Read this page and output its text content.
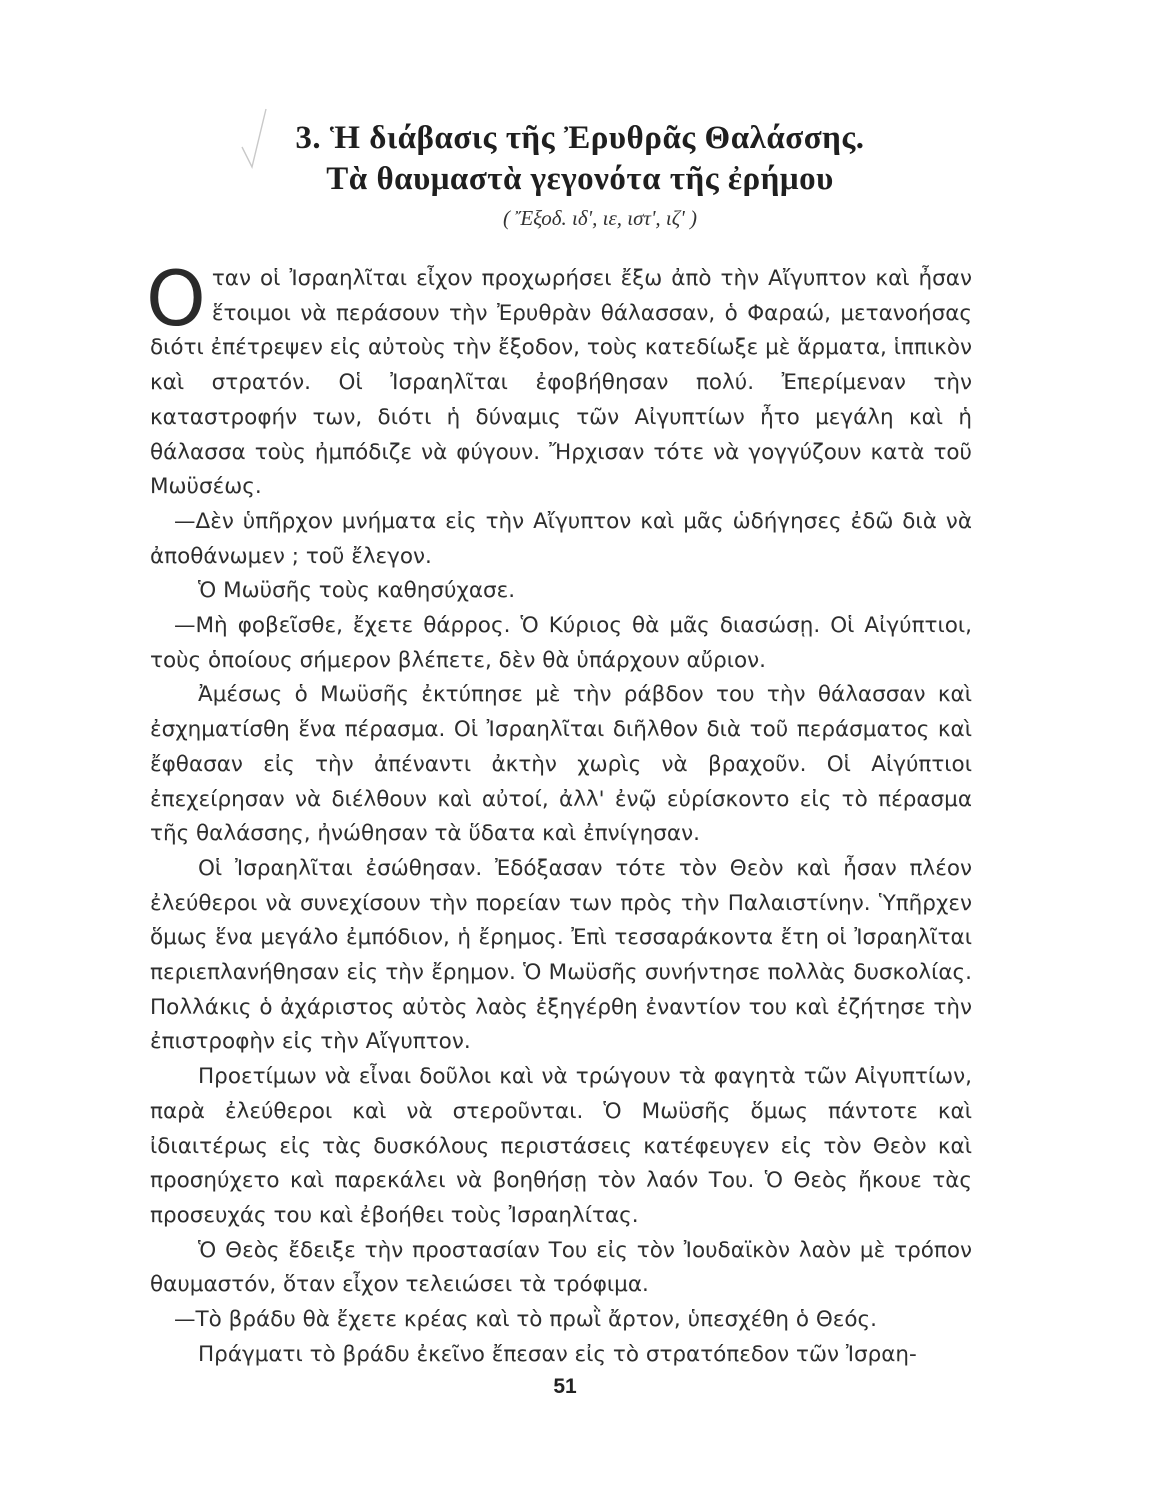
3. Ἡ διάβασις τῆς Ἐρυθρᾶς Θαλάσσης.
Τὰ θαυμαστὰ γεγονότα τῆς ἐρήμου
( Ἔξοδ. ιδ', ιε, ιστ', ιζ' )

Οταν οἱ Ἰσραηλῖται εἶχον προχωρήσει ἔξω ἀπὸ τὴν Αἴγυπτον καὶ ἦσαν ἕτοιμοι νὰ περάσουν τὴν Ἐρυθρὰν θάλασσαν, ὁ Φαραώ, μετανοήσας διότι ἐπέτρεψεν εἰς αὐτοὺς τὴν ἔξοδον, τοὺς κατεδίωξε μὲ ἅρματα, ἱππικὸν καὶ στρατόν. Οἱ Ἰσραηλῖται ἐφοβήθησαν πολύ. Ἐπερίμεναν τὴν καταστροφήν των, διότι ἡ δύναμις τῶν Αἰγυπτίων ἦτο μεγάλη καὶ ἡ θάλασσα τοὺς ἠμπόδιζε νὰ φύγουν. Ἤρχισαν τότε νὰ γογγύζουν κατὰ τοῦ Μωϋσέως.

—Δὲν ὑπῆρχον μνήματα εἰς τὴν Αἴγυπτον καὶ μᾶς ὡδήγησες ἐδῶ διὰ νὰ ἀποθάνωμεν ; τοῦ ἔλεγον.

Ὁ Μωϋσῆς τοὺς καθησύχασε.

—Μὴ φοβεῖσθε, ἔχετε θάρρος. Ὁ Κύριος θὰ μᾶς διασώσῃ. Οἱ Αἰγύπτιοι, τοὺς ὁποίους σήμερον βλέπετε, δὲν θὰ ὑπάρχουν αὔριον.

Ἀμέσως ὁ Μωϋσῆς ἐκτύπησε μὲ τὴν ράβδον του τὴν θάλασσαν καὶ ἐσχηματίσθη ἕνα πέρασμα. Οἱ Ἰσραηλῖται διῆλθον διὰ τοῦ περάσματος καὶ ἔφθασαν εἰς τὴν ἀπέναντι ἀκτὴν χωρὶς νὰ βραχοῦν. Οἱ Αἰγύπτιοι ἐπεχείρησαν νὰ διέλθουν καὶ αὐτοί, ἀλλ' ἐνῷ εὑρίσκοντο εἰς τὸ πέρασμα τῆς θαλάσσης, ἠνώθησαν τὰ ὕδατα καὶ ἐπνίγησαν.

Οἱ Ἰσραηλῖται ἐσώθησαν. Ἐδόξασαν τότε τὸν Θεὸν καὶ ἦσαν πλέον ἐλεύθεροι νὰ συνεχίσουν τὴν πορείαν των πρὸς τὴν Παλαιστίνην. Ὑπῆρχεν ὅμως ἕνα μεγάλο ἐμπόδιον, ἡ ἔρημος. Ἐπὶ τεσσαράκοντα ἔτη οἱ Ἰσραηλῖται περιεπλανήθησαν εἰς τὴν ἔρημον. Ὁ Μωϋσῆς συνήντησε πολλὰς δυσκολίας. Πολλάκις ὁ ἀχάριστος αὐτὸς λαὸς ἐξηγέρθη ἐναντίον του καὶ ἐζήτησε τὴν ἐπιστροφὴν εἰς τὴν Αἴγυπτον.

Προετίμων νὰ εἶναι δοῦλοι καὶ νὰ τρώγουν τὰ φαγητὰ τῶν Αἰγυπτίων, παρὰ ἐλεύθεροι καὶ νὰ στεροῦνται. Ὁ Μωϋσῆς ὅμως πάντοτε καὶ ἰδιαιτέρως εἰς τὰς δυσκόλους περιστάσεις κατέφευγεν εἰς τὸν Θεὸν καὶ προσηύχετο καὶ παρεκάλει νὰ βοηθήσῃ τὸν λαόν Του. Ὁ Θεὸς ἤκουε τὰς προσευχάς του καὶ ἐβοήθει τοὺς Ἰσραηλίτας.

Ὁ Θεὸς ἔδειξε τὴν προστασίαν Του εἰς τὸν Ἰουδαϊκὸν λαὸν μὲ τρόπον θαυμαστόν, ὅταν εἶχον τελειώσει τὰ τρόφιμα.

—Τὸ βράδυ θὰ ἔχετε κρέας καὶ τὸ πρωῒ ἄρτον, ὑπεσχέθη ὁ Θεός.

Πράγματι τὸ βράδυ ἐκεῖνο ἔπεσαν εἰς τὸ στρατόπεδον τῶν Ἰσραη-

51
